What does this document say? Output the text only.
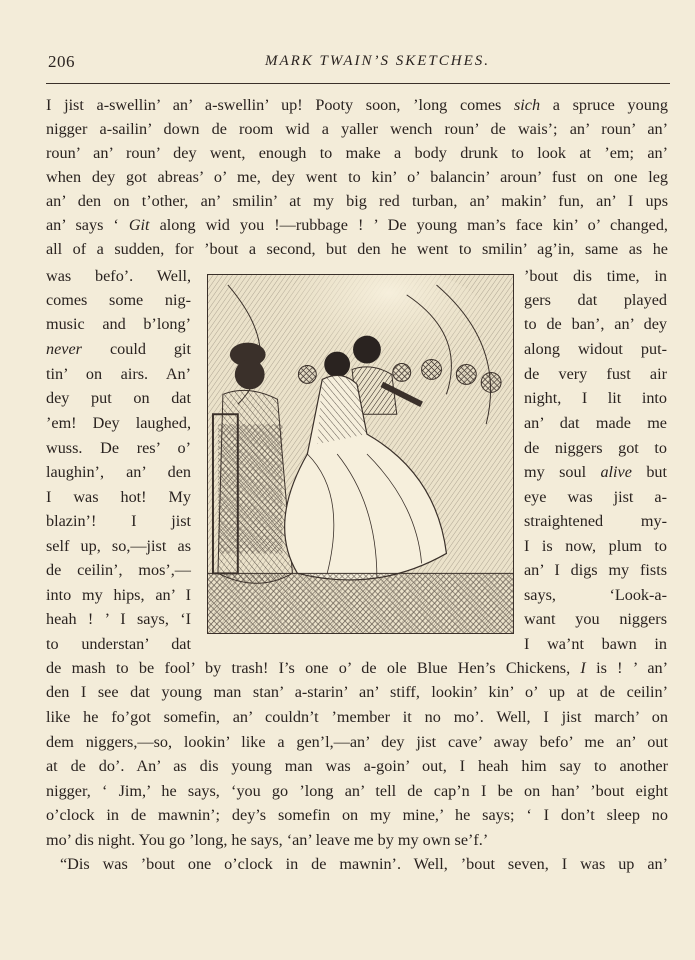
206	MARK TWAIN’S SKETCHES.
I jist a-swellin’ an’ a-swellin’ up! Pooty soon, ’long comes sich a spruce young
nigger a-sailin’ down de room wid a yaller wench roun’ de wais’; an’ roun’ an’
roun’ an’ roun’ dey went, enough to make a body drunk to look at ’em; an’
when dey got abreas’ o’ me, dey went to kin’ o’ balancin’ aroun’ fust on one leg
an’ den on t’other, an’ smilin’ at my big red turban, an’ makin’ fun, an’ I ups
an’ says ‘ Git along wid you !—rubbage ! ’ De young man’s face kin’ o’ changed,
all of a sudden, for ’bout a second, but den he went to smilin’ ag’in, same as he
was befo’. Well,
comes some nig-
music and b’long’
never could git
tin’ on airs. An’
dey put on dat
’em! Dey laughed,
wuss. De res’ o’
laughin’, an’ den
I was hot! My
blazin’! I jist
self up, so,—jist as
de ceilin’, mos’,—
into my hips, an’ I
heah ! ’ I says, ‘I
to understan’ dat
’bout dis time, in
gers dat played
to de ban’, an’ dey
along widout put-
de very fust air
night, I lit into
an’ dat made me
de niggers got to
my soul alive but
eye was jist a-
straightened my-
I is now, plum to
an’ I digs my fists
says, ‘Look-a-
want you niggers
I wa’nt bawn in
de mash to be fool’ by trash! I’s one o’ de ole Blue Hen’s Chickens, I is ! ’ an’
den I see dat young man stan’ a-starin’ an’ stiff, lookin’ kin’ o’ up at de ceilin’
like he fo’got somefin, an’ couldn’t ’member it no mo’. Well, I jist march’ on
dem niggers,—so, lookin’ like a gen’l,—an’ dey jist cave’ away befo’ me an’ out
at de do’. An’ as dis young man was a-goin’ out, I heah him say to another
nigger, ‘ Jim,’ he says, ‘you go ’long an’ tell de cap’n I be on han’ ’bout eight
o’clock in de mawnin’; dey’s somefin on my mine,’ he says; ‘ I don’t sleep no
mo’ dis night. You go ’long, he says, ‘an’ leave me by my own se’f.’
“Dis was ’bout one o’clock in de mawnin’. Well, ’bout seven, I was up an’
